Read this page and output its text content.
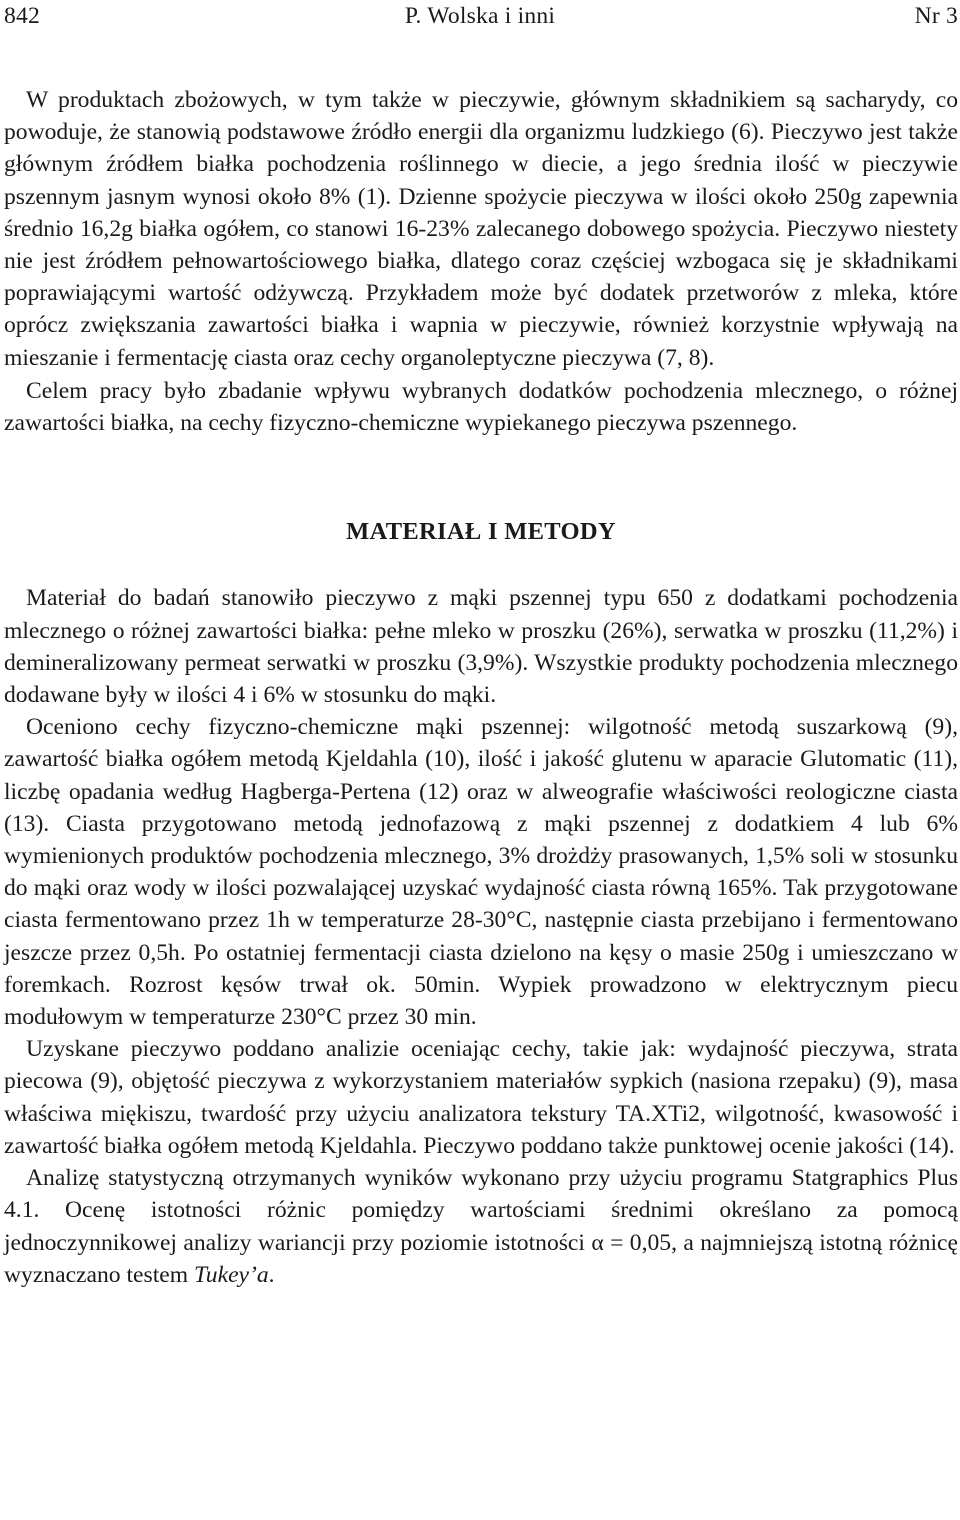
842	P. Wolska i inni	Nr 3

W produktach zbożowych, w tym także w pieczywie, głównym składnikiem są sacharydy, co powoduje, że stanowią podstawowe źródło energii dla organizmu ludzkiego (6). Pieczywo jest także głównym źródłem białka pochodzenia roślinnego w diecie, a jego średnia ilość w pieczywie pszennym jasnym wynosi około 8% (1). Dzienne spożycie pieczywa w ilości około 250g zapewnia średnio 16,2g białka ogółem, co stanowi 16-23% zalecanego dobowego spożycia. Pieczywo niestety nie jest źródłem pełnowartościowego białka, dlatego coraz częściej wzbogaca się je składnikami poprawiającymi wartość odżywczą. Przykładem może być dodatek przetworów z mleka, które oprócz zwiększania zawartości białka i wapnia w pieczywie, również korzystnie wpływają na mieszanie i fermentację ciasta oraz cechy organoleptyczne pieczywa (7, 8).

Celem pracy było zbadanie wpływu wybranych dodatków pochodzenia mlecznego, o różnej zawartości białka, na cechy fizyczno-chemiczne wypiekanego pieczywa pszennego.

MATERIAŁ I METODY

Materiał do badań stanowiło pieczywo z mąki pszennej typu 650 z dodatkami pochodzenia mlecznego o różnej zawartości białka: pełne mleko w proszku (26%), serwatka w proszku (11,2%) i demineralizowany permeat serwatki w proszku (3,9%). Wszystkie produkty pochodzenia mlecznego dodawane były w ilości 4 i 6% w stosunku do mąki.

Oceniono cechy fizyczno-chemiczne mąki pszennej: wilgotność metodą suszarkową (9), zawartość białka ogółem metodą Kjeldahla (10), ilość i jakość glutenu w aparacie Glutomatic (11), liczbę opadania według Hagberga-Pertena (12) oraz w alweografie właściwości reologiczne ciasta (13). Ciasta przygotowano metodą jednofazową z mąki pszennej z dodatkiem 4 lub 6% wymienionych produktów pochodzenia mlecznego, 3% drożdży prasowanych, 1,5% soli w stosunku do mąki oraz wody w ilości pozwalającej uzyskać wydajność ciasta równą 165%. Tak przygotowane ciasta fermentowano przez 1h w temperaturze 28-30°C, następnie ciasta przebijano i fermentowano jeszcze przez 0,5h. Po ostatniej fermentacji ciasta dzielono na kęsy o masie 250g i umieszczano w foremkach. Rozrost kęsów trwał ok. 50min. Wypiek prowadzono w elektrycznym piecu modułowym w temperaturze 230°C przez 30 min.

Uzyskane pieczywo poddano analizie oceniając cechy, takie jak: wydajność pieczywa, strata piecowa (9), objętość pieczywa z wykorzystaniem materiałów sypkich (nasiona rzepaku) (9), masa właściwa miękiszu, twardość przy użyciu analizatora tekstury TA.XTi2, wilgotność, kwasowość i zawartość białka ogółem metodą Kjeldahla. Pieczywo poddano także punktowej ocenie jakości (14).

Analizę statystyczną otrzymanych wyników wykonano przy użyciu programu Statgraphics Plus 4.1. Ocenę istotności różnic pomiędzy wartościami średnimi określano za pomocą jednoczynnikowej analizy wariancji przy poziomie istotności α = 0,05, a najmniejszą istotną różnicę wyznaczano testem Tukey’a.
